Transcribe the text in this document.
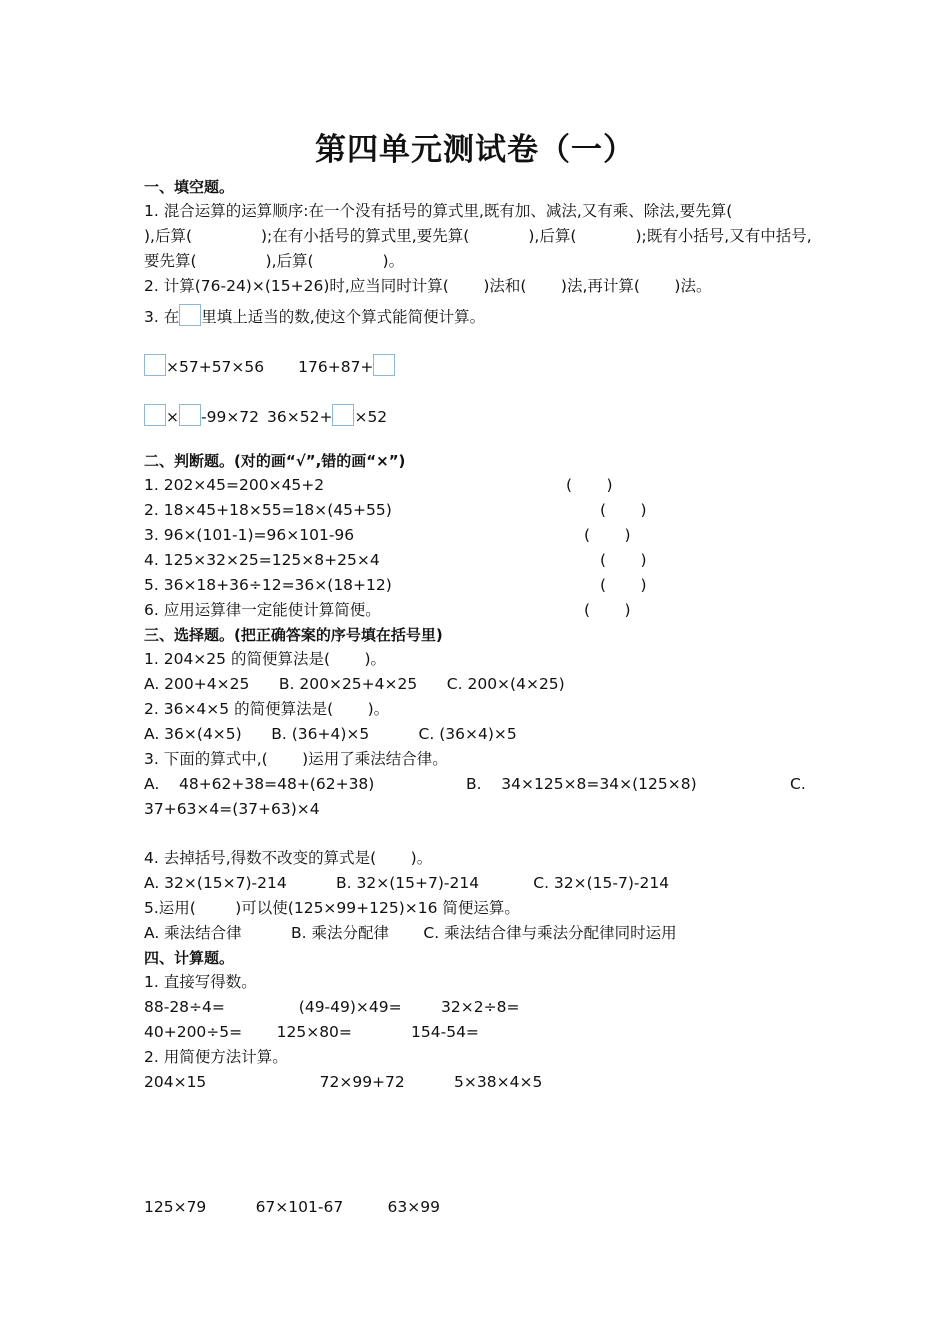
第四单元测试卷（一）
一、填空题。
1. 混合运算的运算顺序:在一个没有括号的算式里,既有加、减法,又有乘、除法,要先算(
),后算(              );在有小括号的算式里,要先算(            ),后算(            );既有小括号,又有中括号,
要先算(              ),后算(              )。
2. 计算(76-24)×(15+26)时,应当同时计算(       )法和(       )法,再计算(       )法。
3. 在 里填上适当的数,使这个算式能简便计算。
×57+57×56 176+87+
× -99×72 36×52+ ×52
二、判断题。(对的画“√”,错的画“×”)
1. 202×45=200×45+2	(       )
2. 18×45+18×55=18×(45+55)	(       )
3. 96×(101-1)=96×101-96	(       )
4. 125×32×25=125×8+25×4	(       )
5. 36×18+36÷12=36×(18+12)	(       )
6. 应用运算律一定能使计算简便。	(       )
三、选择题。(把正确答案的序号填在括号里)
1. 204×25 的简便算法是(       )。
A. 200+4×25      B. 200×25+4×25      C. 200×(4×25)
2. 36×4×5 的简便算法是(       )。
A. 36×(4×5)      B. (36+4)×5          C. (36×4)×5
3. 下面的算式中,(       )运用了乘法结合律。
A.    48+62+38=48+(62+38)	B.    34×125×8=34×(125×8)	C.
37+63×4=(37+63)×4
4. 去掉括号,得数不改变的算式是(       )。
A. 32×(15×7)-214          B. 32×(15+7)-214           C. 32×(15-7)-214
5.运用(        )可以使(125×99+125)×16 简便运算。
A. 乘法结合律          B. 乘法分配律       C. 乘法结合律与乘法分配律同时运用
四、计算题。
1. 直接写得数。
88-28÷4=               (49-49)×49=        32×2÷8=
40+200÷5=       125×80=            154-54=
2. 用简便方法计算。
204×15                       72×99+72          5×38×4×5
125×79          67×101-67         63×99
